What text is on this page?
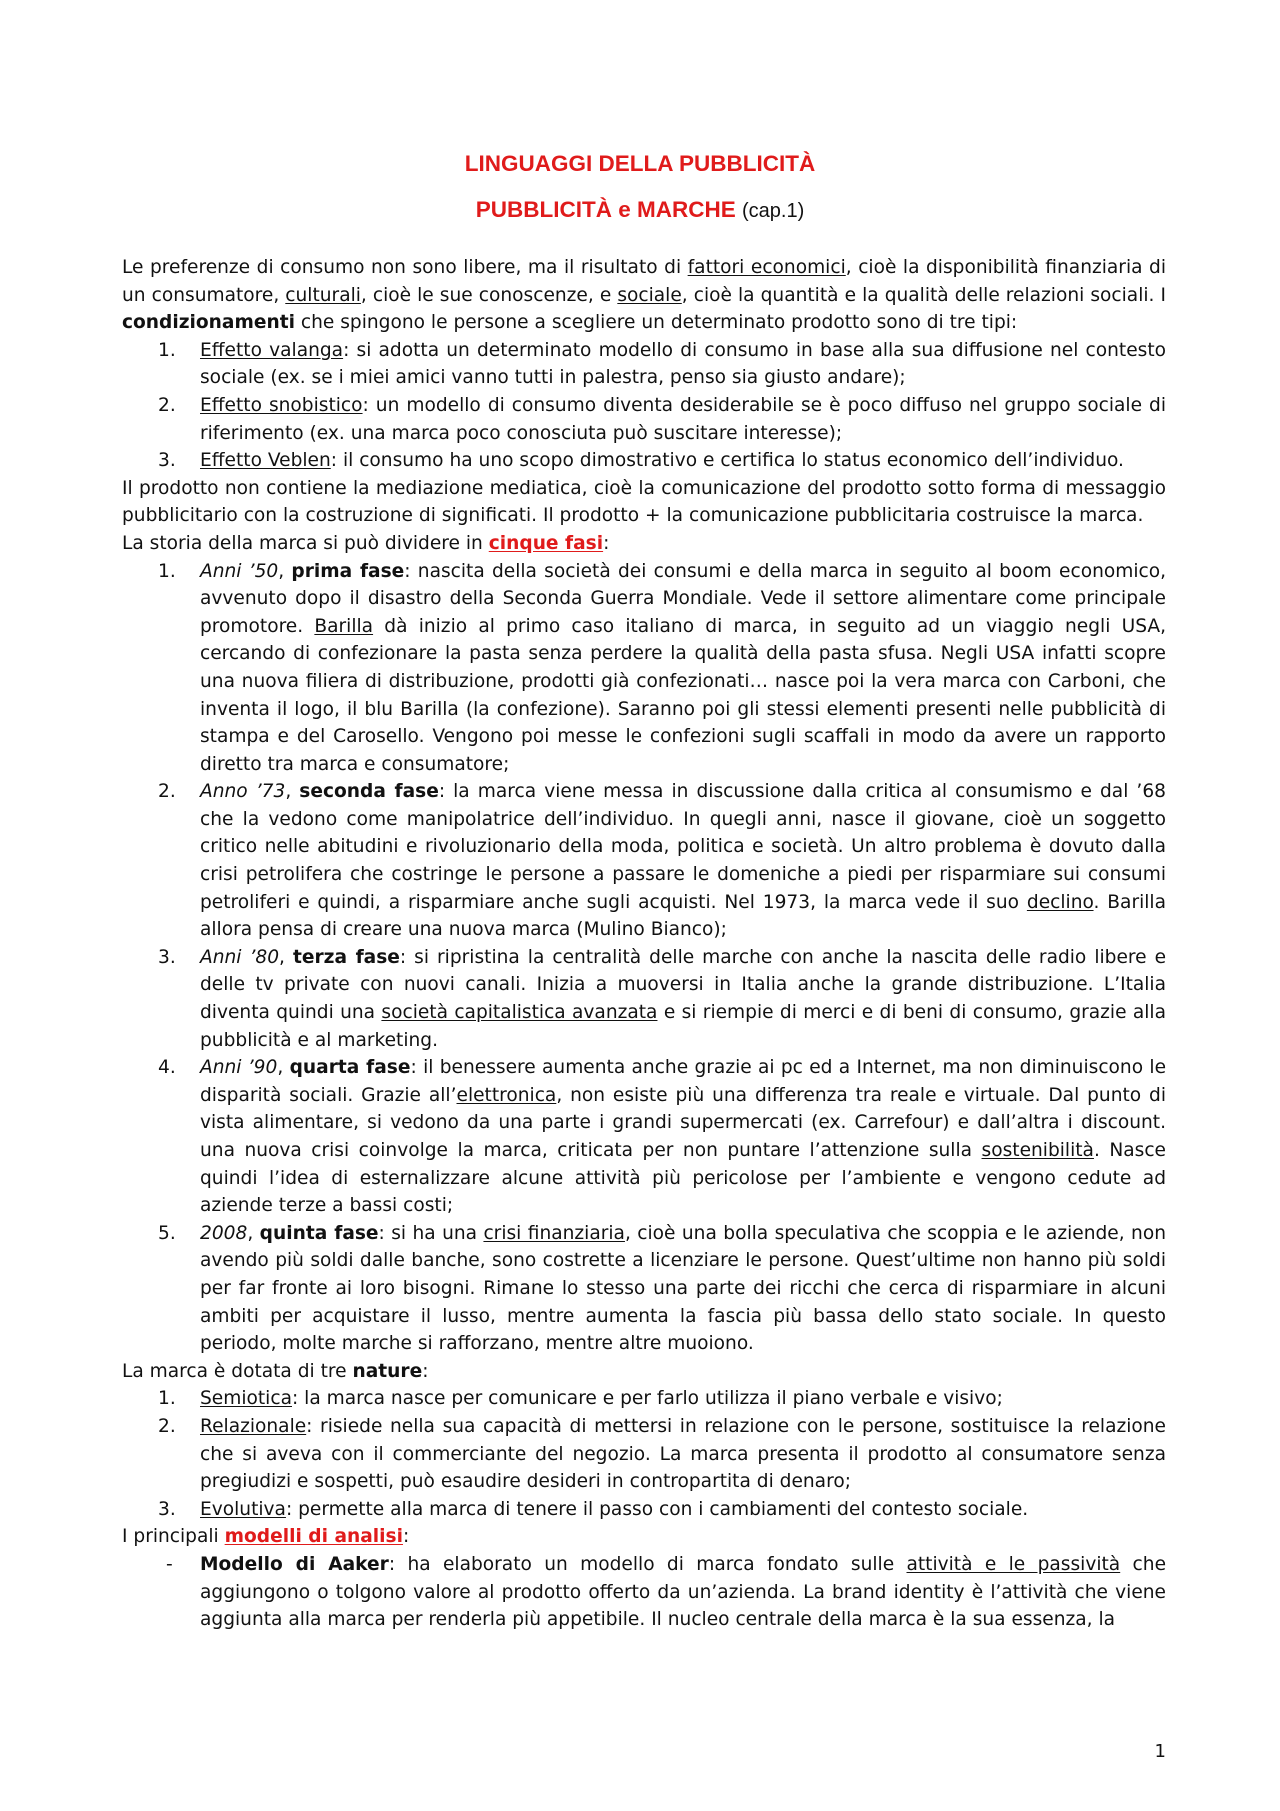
LINGUAGGI DELLA PUBBLICITÀ
PUBBLICITÀ e MARCHE (cap.1)

Le preferenze di consumo non sono libere, ma il risultato di fattori economici, cioè la disponibilità finanziaria di un consumatore, culturali, cioè le sue conoscenze, e sociale, cioè la quantità e la qualità delle relazioni sociali. I condizionamenti che spingono le persone a scegliere un determinato prodotto sono di tre tipi:

1.	Effetto valanga: si adotta un determinato modello di consumo in base alla sua diffusione nel contesto sociale (ex. se i miei amici vanno tutti in palestra, penso sia giusto andare);
2.	Effetto snobistico: un modello di consumo diventa desiderabile se è poco diffuso nel gruppo sociale di riferimento (ex. una marca poco conosciuta può suscitare interesse);
3.	Effetto Veblen: il consumo ha uno scopo dimostrativo e certifica lo status economico dell’individuo.

Il prodotto non contiene la mediazione mediatica, cioè la comunicazione del prodotto sotto forma di messaggio pubblicitario con la costruzione di significati. Il prodotto + la comunicazione pubblicitaria costruisce la marca.

La storia della marca si può dividere in cinque fasi:

1.	Anni ’50, prima fase: nascita della società dei consumi e della marca in seguito al boom economico, avvenuto dopo il disastro della Seconda Guerra Mondiale. Vede il settore alimentare come principale promotore. Barilla dà inizio al primo caso italiano di marca, in seguito ad un viaggio negli USA, cercando di confezionare la pasta senza perdere la qualità della pasta sfusa. Negli USA infatti scopre una nuova filiera di distribuzione, prodotti già confezionati… nasce poi la vera marca con Carboni, che inventa il logo, il blu Barilla (la confezione). Saranno poi gli stessi elementi presenti nelle pubblicità di stampa e del Carosello. Vengono poi messe le confezioni sugli scaffali in modo da avere un rapporto diretto tra marca e consumatore;
2.	Anno ’73, seconda fase: la marca viene messa in discussione dalla critica al consumismo e dal ’68 che la vedono come manipolatrice dell’individuo. In quegli anni, nasce il giovane, cioè un soggetto critico nelle abitudini e rivoluzionario della moda, politica e società. Un altro problema è dovuto dalla crisi petrolifera che costringe le persone a passare le domeniche a piedi per risparmiare sui consumi petroliferi e quindi, a risparmiare anche sugli acquisti. Nel 1973, la marca vede il suo declino. Barilla allora pensa di creare una nuova marca (Mulino Bianco);
3.	Anni ’80, terza fase: si ripristina la centralità delle marche con anche la nascita delle radio libere e delle tv private con nuovi canali. Inizia a muoversi in Italia anche la grande distribuzione. L’Italia diventa quindi una società capitalistica avanzata e si riempie di merci e di beni di consumo, grazie alla pubblicità e al marketing.
4.	Anni ’90, quarta fase: il benessere aumenta anche grazie ai pc ed a Internet, ma non diminuiscono le disparità sociali. Grazie all’elettronica, non esiste più una differenza tra reale e virtuale. Dal punto di vista alimentare, si vedono da una parte i grandi supermercati (ex. Carrefour) e dall’altra i discount. una nuova crisi coinvolge la marca, criticata per non puntare l’attenzione sulla sostenibilità. Nasce quindi l’idea di esternalizzare alcune attività più pericolose per l’ambiente e vengono cedute ad aziende terze a bassi costi;
5.	2008, quinta fase: si ha una crisi finanziaria, cioè una bolla speculativa che scoppia e le aziende, non avendo più soldi dalle banche, sono costrette a licenziare le persone. Quest’ultime non hanno più soldi per far fronte ai loro bisogni. Rimane lo stesso una parte dei ricchi che cerca di risparmiare in alcuni ambiti per acquistare il lusso, mentre aumenta la fascia più bassa dello stato sociale. In questo periodo, molte marche si rafforzano, mentre altre muoiono.

La marca è dotata di tre nature:

1.	Semiotica: la marca nasce per comunicare e per farlo utilizza il piano verbale e visivo;
2.	Relazionale: risiede nella sua capacità di mettersi in relazione con le persone, sostituisce la relazione che si aveva con il commerciante del negozio. La marca presenta il prodotto al consumatore senza pregiudizi e sospetti, può esaudire desideri in contropartita di denaro;
3.	Evolutiva: permette alla marca di tenere il passo con i cambiamenti del contesto sociale.

I principali modelli di analisi:

- Modello di Aaker: ha elaborato un modello di marca fondato sulle attività e le passività che aggiungono o tolgono valore al prodotto offerto da un’azienda. La brand identity è l’attività che viene aggiunta alla marca per renderla più appetibile. Il nucleo centrale della marca è la sua essenza, la
1
